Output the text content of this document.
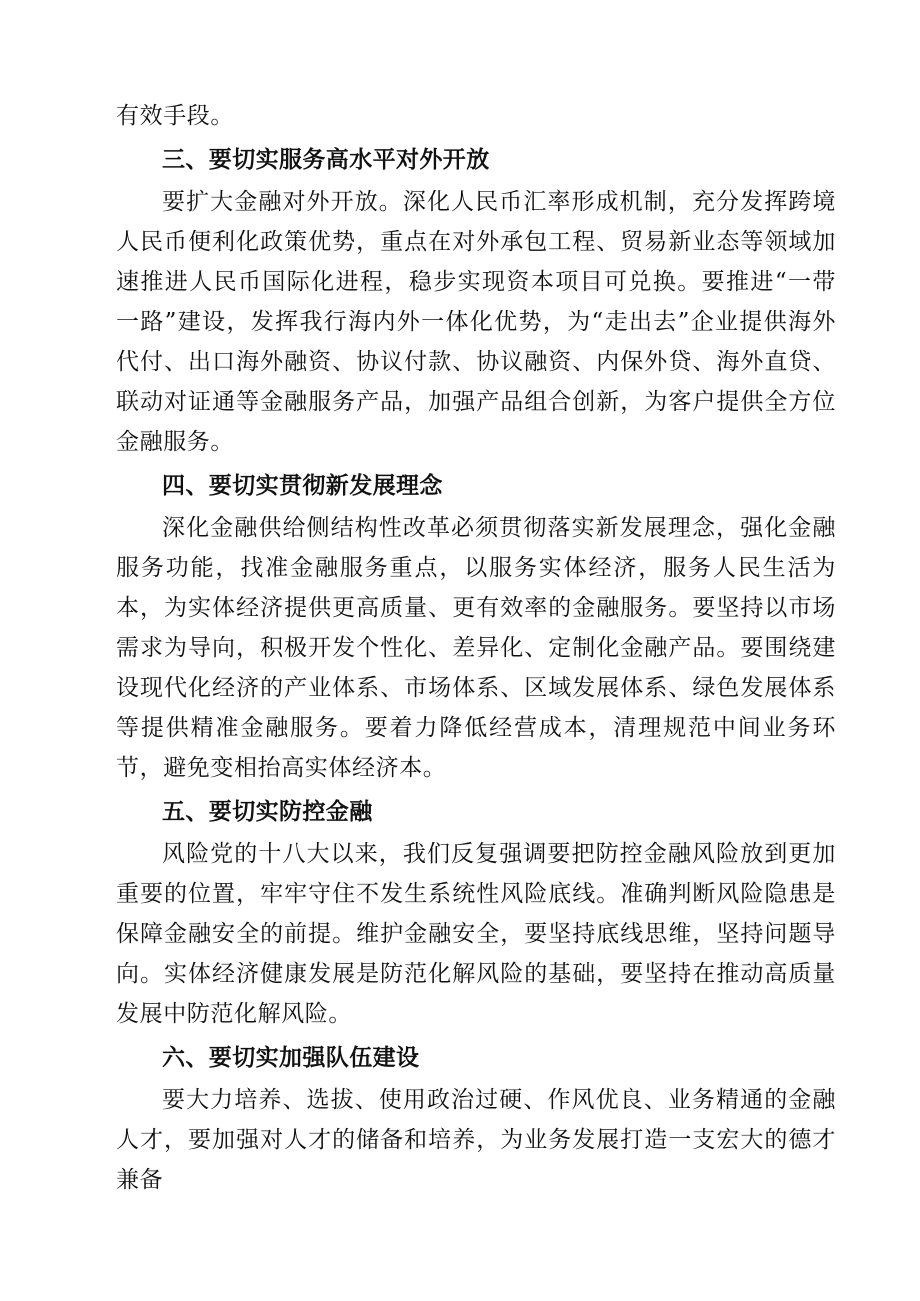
有效手段。

三、要切实服务高水平对外开放

要扩大金融对外开放。深化人民币汇率形成机制，充分发挥跨境人民币便利化政策优势，重点在对外承包工程、贸易新业态等领域加速推进人民币国际化进程，稳步实现资本项目可兑换。要推进“一带一路”建设，发挥我行海内外一体化优势，为“走出去”企业提供海外代付、出口海外融资、协议付款、协议融资、内保外贷、海外直贷、联动对证通等金融服务产品，加强产品组合创新，为客户提供全方位金融服务。

四、要切实贯彻新发展理念

深化金融供给侧结构性改革必须贯彻落实新发展理念，强化金融服务功能，找准金融服务重点，以服务实体经济，服务人民生活为本，为实体经济提供更高质量、更有效率的金融服务。要坚持以市场需求为导向，积极开发个性化、差异化、定制化金融产品。要围绕建设现代化经济的产业体系、市场体系、区域发展体系、绿色发展体系等提供精准金融服务。要着力降低经营成本，清理规范中间业务环节，避免变相抬高实体经济本。

五、要切实防控金融

风险党的十八大以来，我们反复强调要把防控金融风险放到更加重要的位置，牢牢守住不发生系统性风险底线。准确判断风险隐患是保障金融安全的前提。维护金融安全，要坚持底线思维，坚持问题导向。实体经济健康发展是防范化解风险的基础，要坚持在推动高质量发展中防范化解风险。

六、要切实加强队伍建设

要大力培养、选拔、使用政治过硬、作风优良、业务精通的金融人才，要加强对人才的储备和培养，为业务发展打造一支宏大的德才兼备
